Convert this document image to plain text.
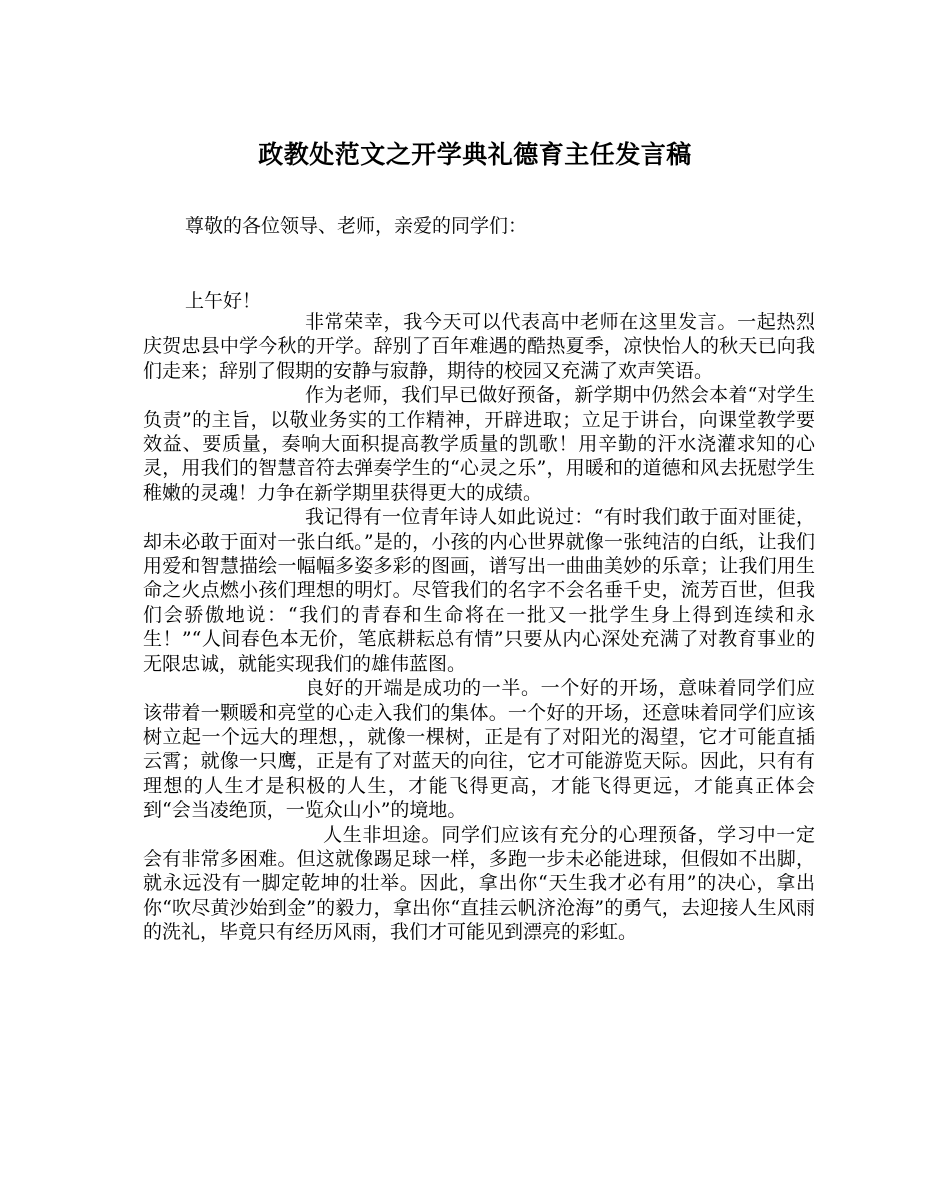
政教处范文之开学典礼德育主任发言稿

尊敬的各位领导、老师，亲爱的同学们：

上午好！

非常荣幸，我今天可以代表高中老师在这里发言。一起热烈庆贺忠县中学今秋的开学。辞别了百年难遇的酷热夏季，凉快怡人的秋天已向我们走来；辞别了假期的安静与寂静，期待的校园又充满了欢声笑语。

作为老师，我们早已做好预备，新学期中仍然会本着“对学生负责”的主旨，以敬业务实的工作精神，开辟进取；立足于讲台，向课堂教学要效益、要质量，奏响大面积提高教学质量的凯歌！用辛勤的汗水浇灌求知的心灵，用我们的智慧音符去弹奏学生的“心灵之乐”，用暖和的道德和风去抚慰学生稚嫩的灵魂！力争在新学期里获得更大的成绩。

我记得有一位青年诗人如此说过：“有时我们敢于面对匪徒，却未必敢于面对一张白纸。”是的，小孩的内心世界就像一张纯洁的白纸，让我们用爱和智慧描绘一幅幅多姿多彩的图画，谱写出一曲曲美妙的乐章；让我们用生命之火点燃小孩们理想的明灯。尽管我们的名字不会名垂千史，流芳百世，但我们会骄傲地说：“我们的青春和生命将在一批又一批学生身上得到连续和永生！”“人间春色本无价，笔底耕耘总有情”只要从内心深处充满了对教育事业的无限忠诚，就能实现我们的雄伟蓝图。

良好的开端是成功的一半。一个好的开场，意味着同学们应该带着一颗暖和亮堂的心走入我们的集体。一个好的开场，还意味着同学们应该树立起一个远大的理想，，就像一棵树，正是有了对阳光的渴望，它才可能直插云霄；就像一只鹰，正是有了对蓝天的向往，它才可能游览天际。因此，只有有理想的人生才是积极的人生，才能飞得更高，才能飞得更远，才能真正体会到“会当凌绝顶，一览众山小”的境地。

人生非坦途。同学们应该有充分的心理预备，学习中一定会有非常多困难。但这就像踢足球一样，多跑一步未必能进球，但假如不出脚，就永远没有一脚定乾坤的壮举。因此，拿出你“天生我才必有用”的决心，拿出你“吹尽黄沙始到金”的毅力，拿出你“直挂云帆济沧海”的勇气，去迎接人生风雨的洗礼，毕竟只有经历风雨，我们才可能见到漂亮的彩虹。
